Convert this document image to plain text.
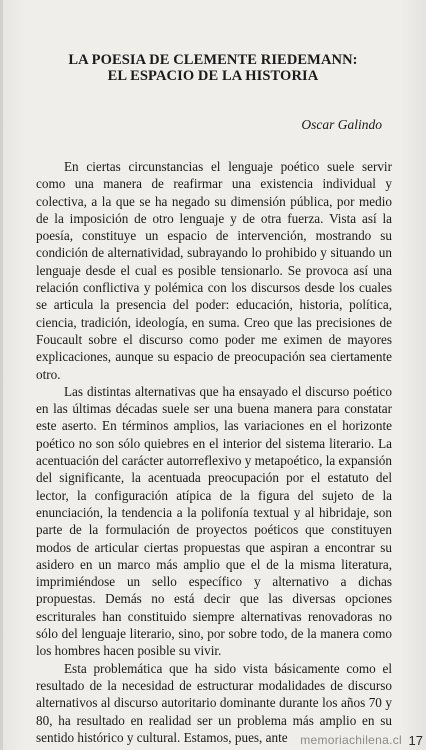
LA POESIA DE CLEMENTE RIEDEMANN:
EL ESPACIO DE LA HISTORIA
Oscar Galindo

En ciertas circunstancias el lenguaje poético suele servir como una manera de reafirmar una existencia individual y colectiva, a la que se ha negado su dimensión pública, por medio de la imposición de otro lenguaje y de otra fuerza. Vista así la poesía, constituye un espacio de intervención, mostrando su condición de alternatividad, subrayando lo prohibido y situando un lenguaje desde el cual es posible tensionarlo. Se provoca así una relación conflictiva y polémica con los discursos desde los cuales se articula la presencia del poder: educación, historia, política, ciencia, tradición, ideología, en suma. Creo que las precisiones de Foucault sobre el discurso como poder me eximen de mayores explicaciones, aunque su espacio de preocupación sea ciertamente otro.

Las distintas alternativas que ha ensayado el discurso poético en las últimas décadas suele ser una buena manera para constatar este aserto. En términos amplios, las variaciones en el horizonte poético no son sólo quiebres en el interior del sistema literario. La acentuación del carácter autorreflexivo y metapoético, la expansión del significante, la acentuada preocupación por el estatuto del lector, la configuración atípica de la figura del sujeto de la enunciación, la tendencia a la polifonía textual y al hibridaje, son parte de la formulación de proyectos poéticos que constituyen modos de articular ciertas propuestas que aspiran a encontrar su asidero en un marco más amplio que el de la misma literatura, imprimiéndose un sello específico y alternativo a dichas propuestas. Demás no está decir que las diversas opciones escriturales han constituido siempre alternativas renovadoras no sólo del lenguaje literario, sino, por sobre todo, de la manera como los hombres hacen posible su vivir.

Esta problemática que ha sido vista básicamente como el resultado de la necesidad de estructurar modalidades de discurso alternativos al discurso autoritario dominante durante los años 70 y 80, ha resultado en realidad ser un problema más amplio en su sentido histórico y cultural. Estamos, pues, ante	memoriachilena.cl 17
